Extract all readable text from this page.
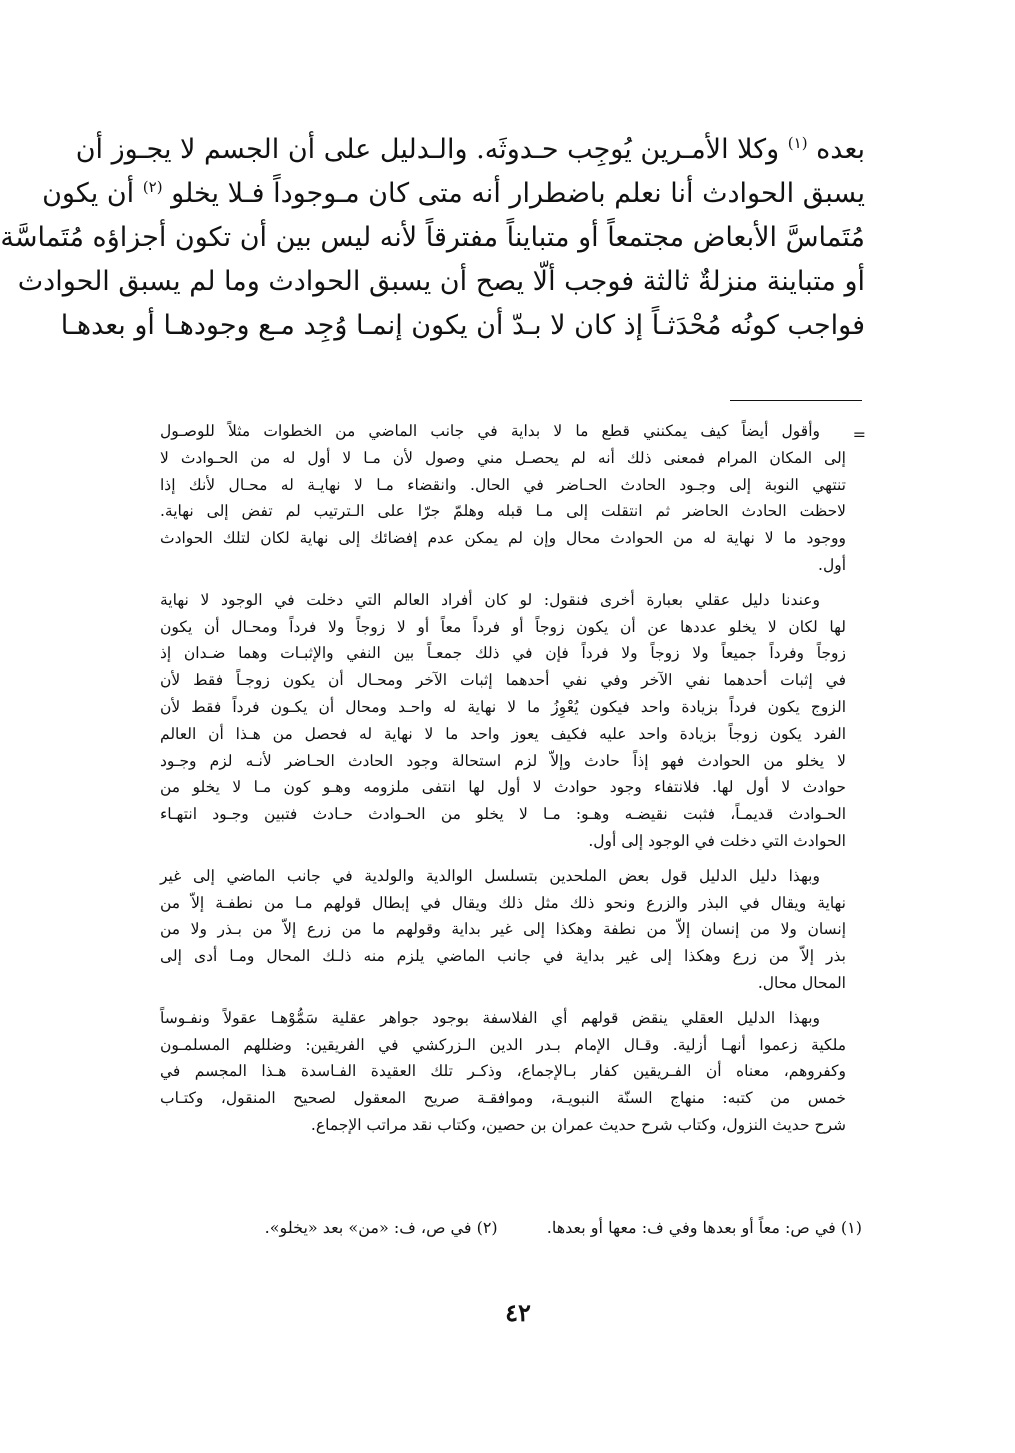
بعده $^{(١)}$ وكلا الأمـرين يُوجِب حـدوثَه. والـدليل على أن الجسم لا يجـوز أن
يسبق الحوادث أنا نعلم باضطرار أنه متى كان مـوجوداً فـلا يخلو $^{(٢)}$ أن يكون
مُتَماسَّ الأبعاض مجتمعاً أو متبايناً مفترقاً لأنه ليس بين أن تكون أجزاؤه مُتَماسَّة
أو متباينة منزلةٌ ثالثة فوجب ألّا يصح أن يسبق الحوادث وما لم يسبق الحوادث
فواجب كونُه مُحْدَثـاً إذ كان لا بـدّ أن يكون إنمـا وُجِد مـع وجودهـا أو بعدهـا
=
وأقول أيضاً كيف يمكنني قطع ما لا بداية في جانب الماضي من الخطوات مثلاً للوصـول
إلى المكان المرام فمعنى ذلك أنه لم يحصـل مني وصول لأن مـا لا أول له من الحـوادث لا
تنتهي النوبة إلى وجـود الحادث الحـاضر في الحال. وانقضاء مـا لا نهايـة له محـال لأنك إذا
لاحظت الحادث الحاضر ثم انتقلت إلى مـا قبله وهلمّ جرّا على الـترتيب لم تفض إلى نهاية.
ووجود ما لا نهاية له من الحوادث محال وإن لم يمكن عدم إفضائك إلى نهاية لكان لتلك الحوادث
أول.
وعندنا دليل عقلي بعبارة أخرى فنقول: لو كان أفراد العالم التي دخلت في الوجود لا نهاية
لها لكان لا يخلو عددها عن أن يكون زوجاً أو فرداً معاً أو لا زوجاً ولا فرداً ومحـال أن يكون
زوجاً وفرداً جميعاً ولا زوجاً ولا فرداً فإن في ذلك جمعـاً بين النفي والإثبـات وهما ضـدان إذ
في إثبات أحدهما نفي الآخر وفي نفي أحدهما إثبات الآخر ومحـال أن يكون زوجـاً فقط لأن
الزوج يكون فرداً بزيادة واحد فيكون يُعْوِزُ ما لا نهاية له واحـد ومحال أن يكـون فرداً فقط لأن
الفرد يكون زوجاً بزيادة واحد عليه فكيف يعوز واحد ما لا نهاية له فحصل من هـذا أن العالم
لا يخلو من الحوادث فهو إذاً حادث وإلاّ لزم استحالة وجود الحادث الحـاضر لأنـه لزم وجـود
حوادث لا أول لها. فلانتفاء وجود حوادث لا أول لها انتفى ملزومه وهـو كون مـا لا يخلو من
الحـوادث قديمـاً، فثبت نقيضـه وهـو: مـا لا يخلو من الحـوادث حـادث فتبين وجـود انتهـاء
الحوادث التي دخلت في الوجود إلى أول.
وبهذا دليل الدليل قول بعض الملحدين بتسلسل الوالدية والولدية في جانب الماضي إلى غير
نهاية ويقال في البذر والزرع ونحو ذلك مثل ذلك ويقال في إبطال قولهم مـا من نطفـة إلاّ من
إنسان ولا من إنسان إلاّ من نطفة وهكذا إلى غير بداية وقولهم ما من زرع إلاّ من بـذر ولا من
بذر إلاّ من زرع وهكذا إلى غير بداية في جانب الماضي يلزم منه ذلـك المحال ومـا أدى إلى
المحال محال.
وبهذا الدليل العقلي ينقض قولهم أي الفلاسفة بوجود جواهر عقلية سَمُّوْهـا عقولاً ونفـوساً
ملكية زعموا أنهـا أزلية. وقـال الإمام بـدر الدين الـزركشي في الفريقين: وضللهم المسلمـون
وكفروهم، معناه أن الفـريقين كفار بـالإجماع، وذكـر تلك العقيدة الفـاسدة هـذا المجسم في
خمس من كتبه: منهاج السنّة النبويـة، وموافقـة صريح المعقول لصحيح المنقول، وكتـاب
شرح حديث النزول، وكتاب شرح حديث عمران بن حصين، وكتاب نقد مراتب الإجماع.
(١) في ص: معاً أو بعدها وفي ف: معها أو بعدها. (٢) في ص، ف: «من» بعد «يخلو».
٤٢
